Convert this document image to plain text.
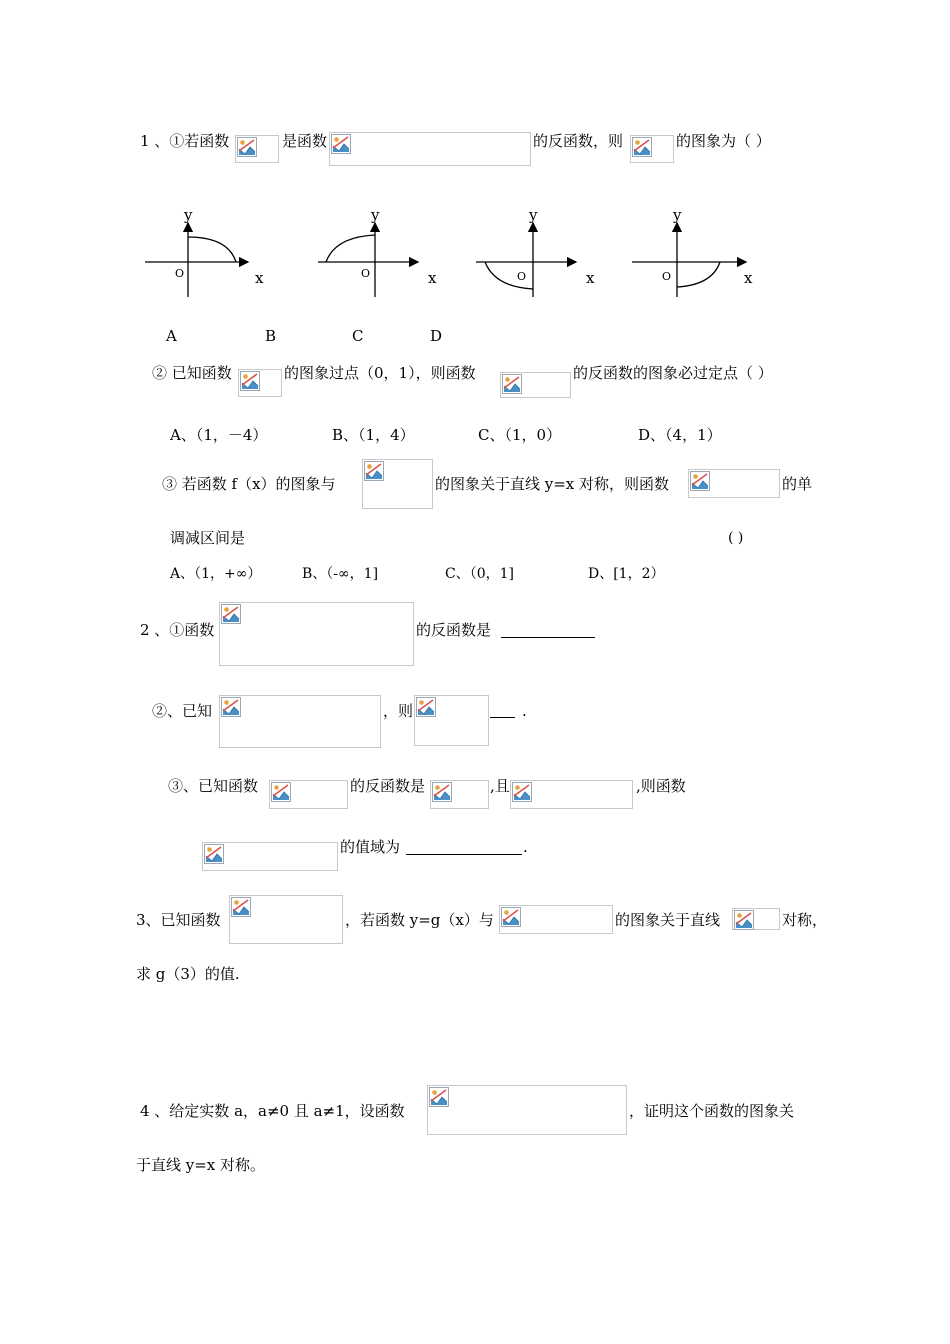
1 、①若函数	是函数	的反函数，则	的图象为（ ）
y
x
O
y
x
O
y
x
O
y
x
O
A	B	C	D
② 已知函数	的图象过点（0，1），则函数	的反函数的图象必过定点（ ）
A、（1，－4）	B、（1，4）	C、（1，0）	D、（4，1）
③ 若函数 f（x）的图象与	的图象关于直线 y=x 对称，则函数	的单
调减区间是	( )
A、（1，+∞）	B、（-∞，1]	C、（0，1]	D、[1，2）
2 、①函数	的反函数是
②、已知	，则	.
③、已知函数	的反函数是	,且	,则函数
的值域为	.
3、已知函数	，若函数 y=g（x）与	的图象关于直线	对称，
求 g（3）的值.
4 、给定实数 a，a≠0 且 a≠1，设函数	，证明这个函数的图象关
于直线 y=x 对称。
